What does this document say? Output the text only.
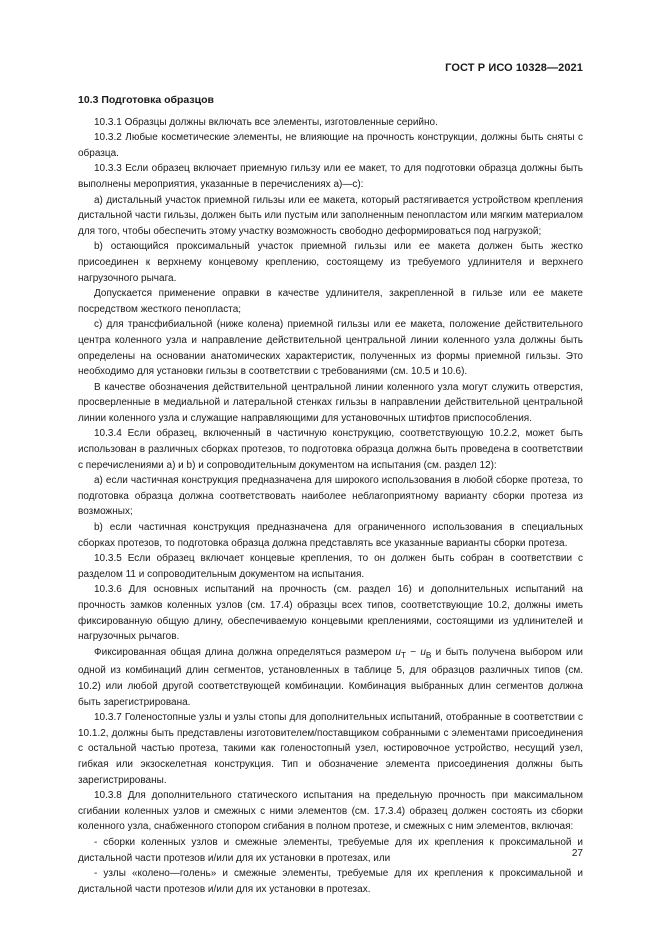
ГОСТ Р ИСО 10328—2021
10.3 Подготовка образцов

10.3.1 Образцы должны включать все элементы, изготовленные серийно.

10.3.2 Любые косметические элементы, не влияющие на прочность конструкции, должны быть сняты с образца.

10.3.3 Если образец включает приемную гильзу или ее макет, то для подготовки образца должны быть выполнены мероприятия, указанные в перечислениях а)—с):

а) дистальный участок приемной гильзы или ее макета, который растягивается устройством крепления дистальной части гильзы, должен быть или пустым или заполненным пенопластом или мягким материалом для того, чтобы обеспечить этому участку возможность свободно деформироваться под нагрузкой;

b) остающийся проксимальный участок приемной гильзы или ее макета должен быть жестко присоединен к верхнему концевому креплению, состоящему из требуемого удлинителя и верхнего нагрузочного рычага.

Допускается применение оправки в качестве удлинителя, закрепленной в гильзе или ее макете посредством жесткого пенопласта;

с) для трансфибиальной (ниже колена) приемной гильзы или ее макета, положение действительного центра коленного узла и направление действительной центральной линии коленного узла должны быть определены на основании анатомических характеристик, полученных из формы приемной гильзы. Это необходимо для установки гильзы в соответствии с требованиями (см. 10.5 и 10.6).

В качестве обозначения действительной центральной линии коленного узла могут служить отверстия, просверленные в медиальной и латеральной стенках гильзы в направлении действительной центральной линии коленного узла и служащие направляющими для установочных штифтов приспособления.

10.3.4 Если образец, включенный в частичную конструкцию, соответствующую 10.2.2, может быть использован в различных сборках протезов, то подготовка образца должна быть проведена в соответствии с перечислениями а) и b) и сопроводительным документом на испытания (см. раздел 12):

а) если частичная конструкция предназначена для широкого использования в любой сборке протеза, то подготовка образца должна соответствовать наиболее неблагоприятному варианту сборки протеза из возможных;

b) если частичная конструкция предназначена для ограниченного использования в специальных сборках протезов, то подготовка образца должна представлять все указанные варианты сборки протеза.

10.3.5 Если образец включает концевые крепления, то он должен быть собран в соответствии с разделом 11 и сопроводительным документом на испытания.

10.3.6 Для основных испытаний на прочность (см. раздел 16) и дополнительных испытаний на прочность замков коленных узлов (см. 17.4) образцы всех типов, соответствующие 10.2, должны иметь фиксированную общую длину, обеспечиваемую концевыми креплениями, состоящими из удлинителей и нагрузочных рычагов.

Фиксированная общая длина должна определяться размером $u_T - u_B$ и быть получена выбором или одной из комбинаций длин сегментов, установленных в таблице 5, для образцов различных типов (см. 10.2) или любой другой соответствующей комбинации. Комбинация выбранных длин сегментов должна быть зарегистрирована.

10.3.7 Голеностопные узлы и узлы стопы для дополнительных испытаний, отобранные в соответствии с 10.1.2, должны быть представлены изготовителем/поставщиком собранными с элементами присоединения с остальной частью протеза, такими как голеностопный узел, юстировочное устройство, несущий узел, гибкая или экзоскелетная конструкция. Тип и обозначение элемента присоединения должны быть зарегистрированы.

10.3.8 Для дополнительного статического испытания на предельную прочность при максимальном сгибании коленных узлов и смежных с ними элементов (см. 17.3.4) образец должен состоять из сборки коленного узла, снабженного стопором сгибания в полном протезе, и смежных с ним элементов, включая:

- сборки коленных узлов и смежные элементы, требуемые для их крепления к проксимальной и дистальной части протезов и/или для их установки в протезах, или

- узлы «колено—голень» и смежные элементы, требуемые для их крепления к проксимальной и дистальной части протезов и/или для их установки в протезах.

27
